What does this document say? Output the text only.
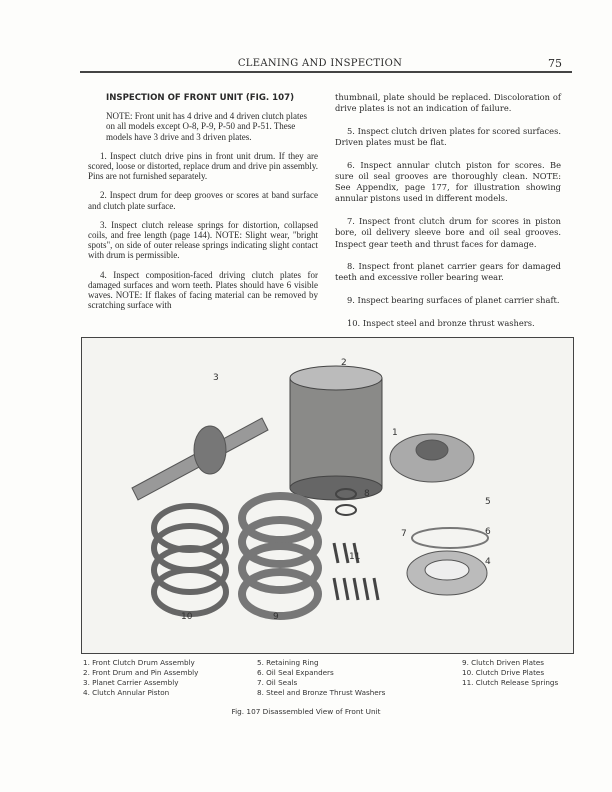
CLEANING AND INSPECTION	75

INSPECTION OF FRONT UNIT (FIG. 107)

NOTE: Front unit has 4 drive and 4 driven clutch plates on all models except O-8, P-9, P-50 and P-51. These models have 3 drive and 3 driven plates.

1. Inspect clutch drive pins in front unit drum. If they are scored, loose or distorted, replace drum and drive pin assembly. Pins are not furnished separately.

2. Inspect drum for deep grooves or scores at band surface and clutch plate surface.

3. Inspect clutch release springs for distortion, collapsed coils, and free length (page 144). NOTE: Slight wear, "bright spots", on side of outer release springs indicating slight contact with drum is permissible.

4. Inspect composition-faced driving clutch plates for damaged surfaces and worn teeth. Plates should have 6 visible waves. NOTE: If flakes of facing material can be removed by scratching surface with

thumbnail, plate should be replaced. Discoloration of drive plates is not an indication of failure.

5. Inspect clutch driven plates for scored surfaces. Driven plates must be flat.

6. Inspect annular clutch piston for scores. Be sure oil seal grooves are thoroughly clean. NOTE: See Appendix, page 177, for illustration showing annular pistons used in different models.

7. Inspect front clutch drum for scores in piston bore, oil delivery sleeve bore and oil seal grooves. Inspect gear teeth and thrust faces for damage.

8. Inspect front planet carrier gears for damaged teeth and excessive roller bearing wear.

9. Inspect bearing surfaces of planet carrier shaft.

10. Inspect steel and bronze thrust washers.

3
2
1
8
5
6
7
11	4
10	9
1. Front Clutch Drum Assembly
2. Front Drum and Pin Assembly
3. Planet Carrier Assembly
4. Clutch Annular Piston
5. Retaining Ring
6. Oil Seal Expanders
7. Oil Seals
8. Steel and Bronze Thrust Washers
9. Clutch Driven Plates
10. Clutch Drive Plates
11. Clutch Release Springs
Fig. 107 Disassembled View of Front Unit
